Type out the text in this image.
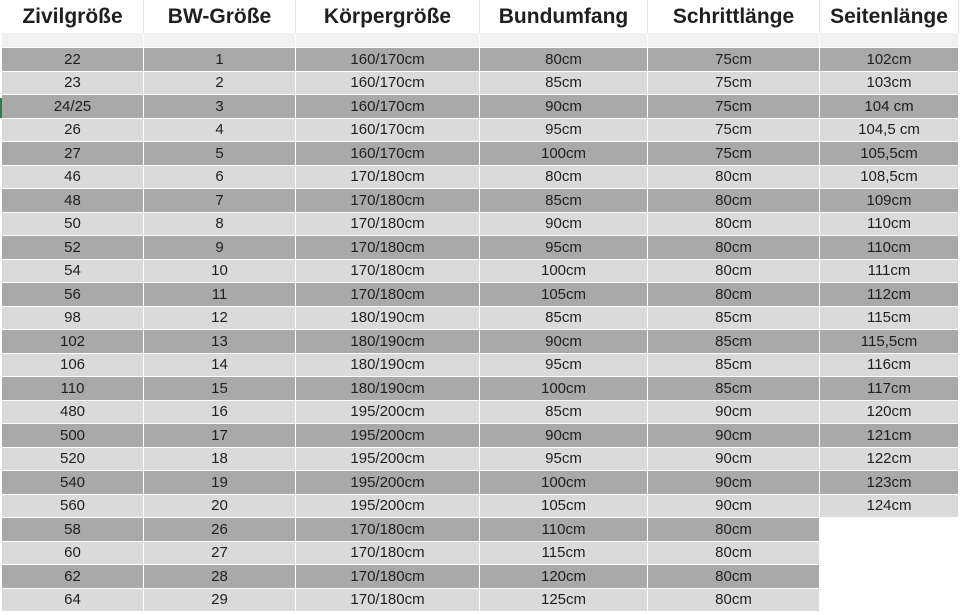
Zivilgröße	BW-Größe	Körpergröße	Bundumfang	Schrittlänge	Seitenlänge

22	1	160/170cm	80cm	75cm	102cm
23	2	160/170cm	85cm	75cm	103cm
24/25	3	160/170cm	90cm	75cm	104 cm
26	4	160/170cm	95cm	75cm	104,5 cm
27	5	160/170cm	100cm	75cm	105,5cm
46	6	170/180cm	80cm	80cm	108,5cm
48	7	170/180cm	85cm	80cm	109cm
50	8	170/180cm	90cm	80cm	110cm
52	9	170/180cm	95cm	80cm	110cm
54	10	170/180cm	100cm	80cm	111cm
56	11	170/180cm	105cm	80cm	112cm
98	12	180/190cm	85cm	85cm	115cm
102	13	180/190cm	90cm	85cm	115,5cm
106	14	180/190cm	95cm	85cm	116cm
110	15	180/190cm	100cm	85cm	117cm
480	16	195/200cm	85cm	90cm	120cm
500	17	195/200cm	90cm	90cm	121cm
520	18	195/200cm	95cm	90cm	122cm
540	19	195/200cm	100cm	90cm	123cm
560	20	195/200cm	105cm	90cm	124cm
58	26	170/180cm	110cm	80cm	
60	27	170/180cm	115cm	80cm	
62	28	170/180cm	120cm	80cm	
64	29	170/180cm	125cm	80cm	
